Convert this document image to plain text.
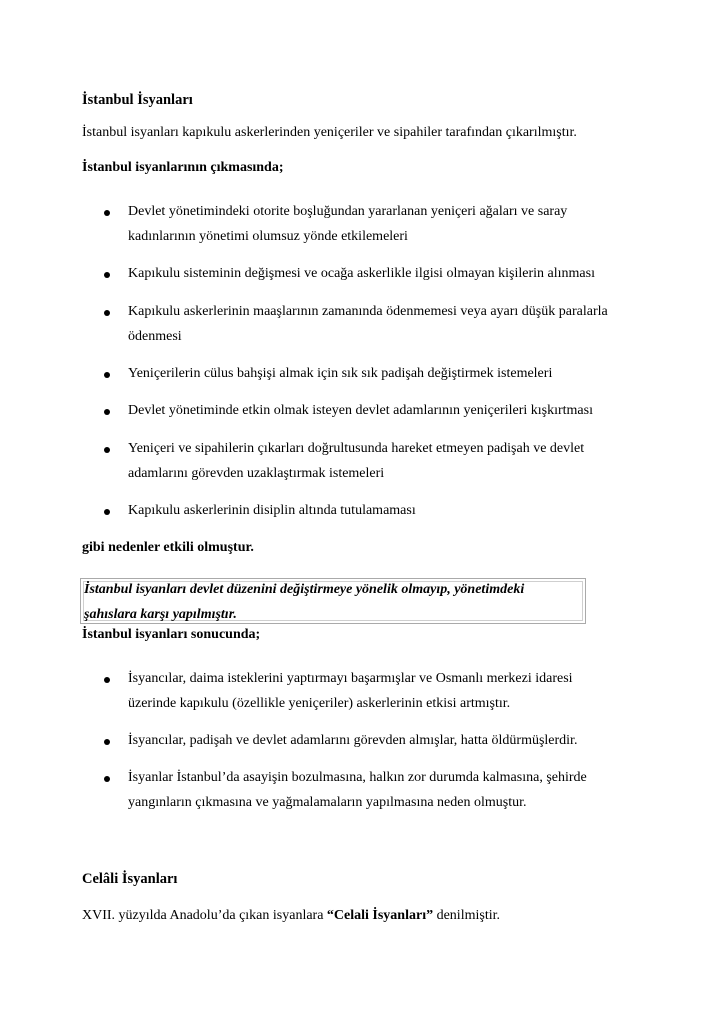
İstanbul İsyanları
İstanbul isyanları kapıkulu askerlerinden yeniçeriler ve sipahiler tarafından çıkarılmıştır.
İstanbul isyanlarının çıkmasında;
Devlet yönetimindeki otorite boşluğundan yararlanan yeniçeri ağaları ve saray
kadınlarının yönetimi olumsuz yönde etkilemeleri
Kapıkulu sisteminin değişmesi ve ocağa askerlikle ilgisi olmayan kişilerin alınması
Kapıkulu askerlerinin maaşlarının zamanında ödenmemesi veya ayarı düşük paralarla
ödenmesi
Yeniçerilerin cülus bahşişi almak için sık sık padişah değiştirmek istemeleri
Devlet yönetiminde etkin olmak isteyen devlet adamlarının yeniçerileri kışkırtması
Yeniçeri ve sipahilerin çıkarları doğrultusunda hareket etmeyen padişah ve devlet
adamlarını görevden uzaklaştırmak istemeleri
Kapıkulu askerlerinin disiplin altında tutulamaması
gibi nedenler etkili olmuştur.
İstanbul isyanları devlet düzenini değiştirmeye yönelik olmayıp, yönetimdeki
şahıslara karşı yapılmıştır.
İstanbul isyanları sonucunda;
İsyancılar, daima isteklerini yaptırmayı başarmışlar ve Osmanlı merkezi idaresi
üzerinde kapıkulu (özellikle yeniçeriler) askerlerinin etkisi artmıştır.
İsyancılar, padişah ve devlet adamlarını görevden almışlar, hatta öldürmüşlerdir.
İsyanlar İstanbul’da asayişin bozulmasına, halkın zor durumda kalmasına, şehirde
yangınların çıkmasına ve yağmalamaların yapılmasına neden olmuştur.
Celâli İsyanları
XVII. yüzyılda Anadolu’da çıkan isyanlara “Celali İsyanları” denilmiştir.
